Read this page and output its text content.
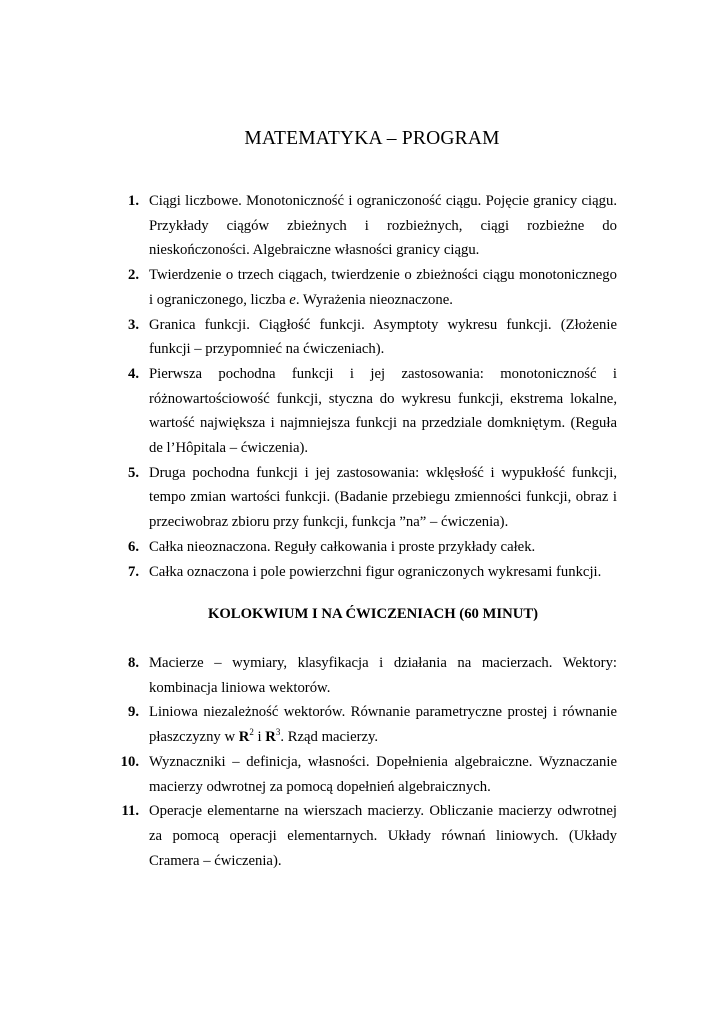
MATEMATYKA – PROGRAM
1. Ciągi liczbowe. Monotoniczność i ograniczoność ciągu. Pojęcie granicy ciągu. Przykłady ciągów zbieżnych i rozbieżnych, ciągi rozbieżne do nieskończoności. Algebraiczne własności granicy ciągu.
2. Twierdzenie o trzech ciągach, twierdzenie o zbieżności ciągu monotonicznego i ograniczonego, liczba e. Wyrażenia nieoznaczone.
3. Granica funkcji. Ciągłość funkcji. Asymptoty wykresu funkcji. (Złożenie funkcji – przypomnieć na ćwiczeniach).
4. Pierwsza pochodna funkcji i jej zastosowania: monotoniczność i różnowartościowość funkcji, styczna do wykresu funkcji, ekstrema lokalne, wartość największa i najmniejsza funkcji na przedziale domkniętym. (Reguła de l’Hôpitala – ćwiczenia).
5. Druga pochodna funkcji i jej zastosowania: wklęsłość i wypukłość funkcji, tempo zmian wartości funkcji. (Badanie przebiegu zmienności funkcji, obraz i przeciwobraz zbioru przy funkcji, funkcja ”na” – ćwiczenia).
6. Całka nieoznaczona. Reguły całkowania i proste przykłady całek.
7. Całka oznaczona i pole powierzchni figur ograniczonych wykresami funkcji.
KOLOKWIUM I NA ĆWICZENIACH (60 MINUT)
8. Macierze – wymiary, klasyfikacja i działania na macierzach. Wektory: kombinacja liniowa wektorów.
9. Liniowa niezależność wektorów. Równanie parametryczne prostej i równanie płaszczyzny w $R^2$ i $R^3$. Rząd macierzy.
10. Wyznaczniki – definicja, własności. Dopełnienia algebraiczne. Wyznaczanie macierzy odwrotnej za pomocą dopełnień algebraicznych.
11. Operacje elementarne na wierszach macierzy. Obliczanie macierzy odwrotnej za pomocą operacji elementarnych. Układy równań liniowych. (Układy Cramera – ćwiczenia).
